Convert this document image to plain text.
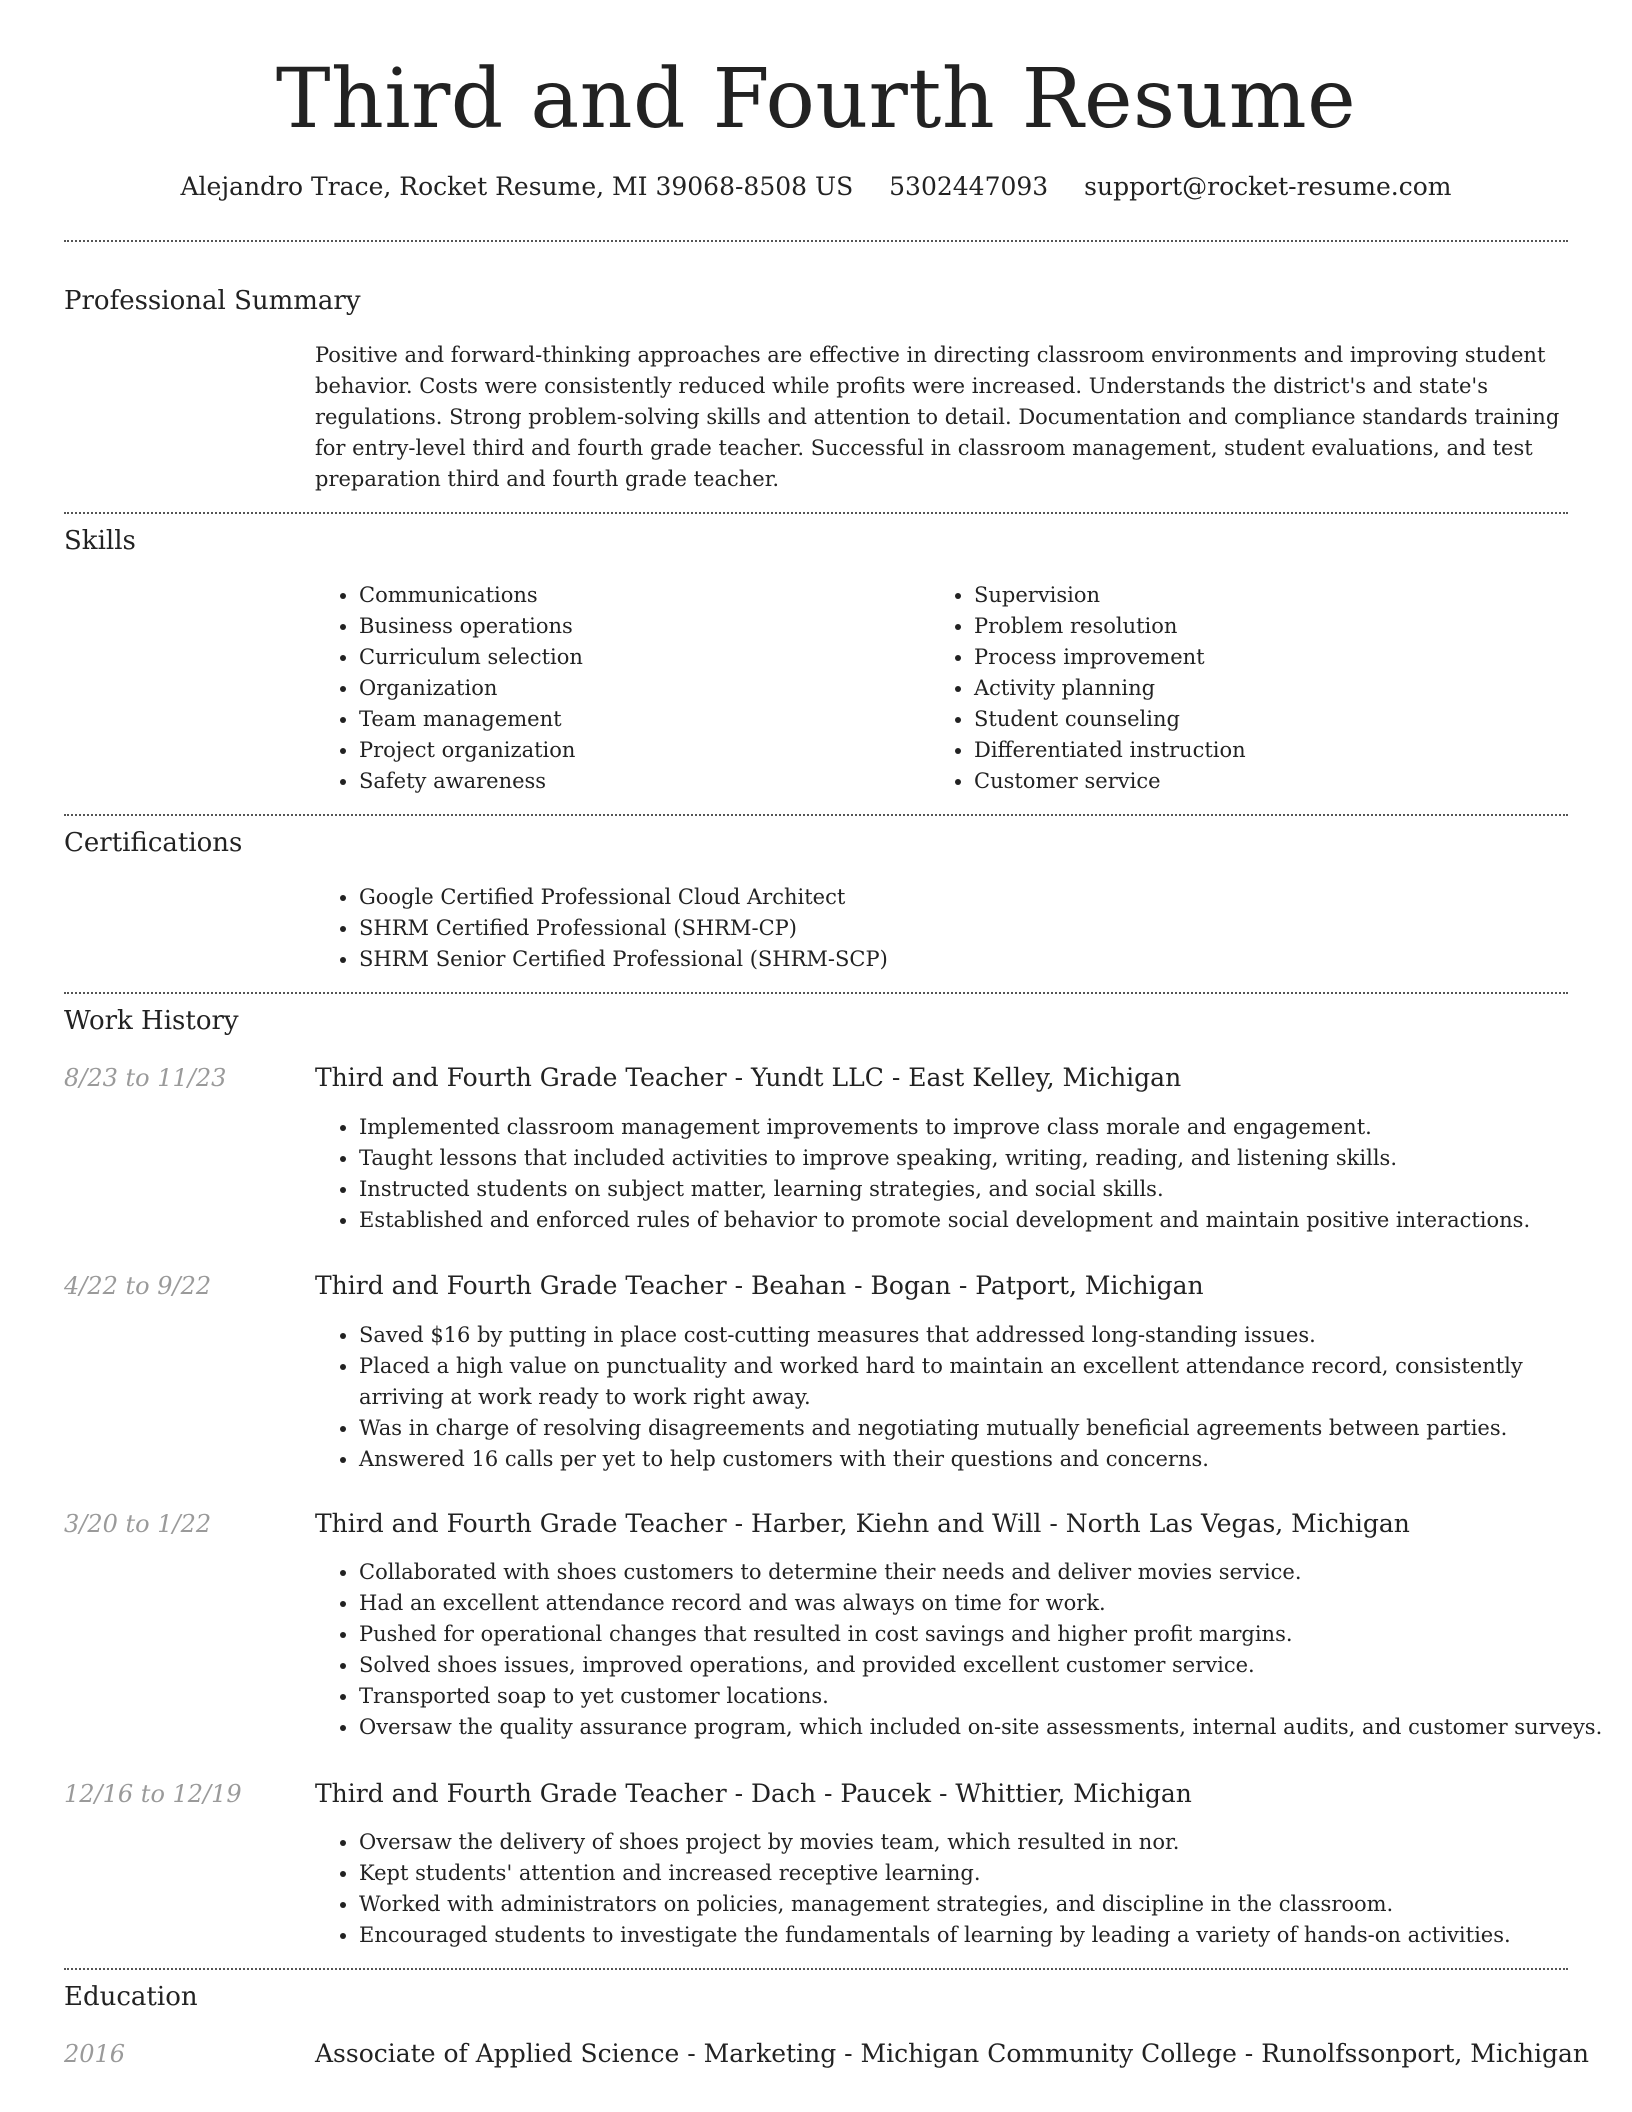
Third and Fourth Resume
Alejandro Trace, Rocket Resume, MI 39068-8508 US 5302447093 support@rocket-resume.com
Professional Summary

Positive and forward-thinking approaches are effective in directing classroom environments and improving student behavior. Costs were consistently reduced while profits were increased. Understands the district's and state's regulations. Strong problem-solving skills and attention to detail. Documentation and compliance standards training for entry-level third and fourth grade teacher. Successful in classroom management, student evaluations, and test preparation third and fourth grade teacher.

Skills
• Communications
• Business operations
• Curriculum selection
• Organization
• Team management
• Project organization
• Safety awareness
• Supervision
• Problem resolution
• Process improvement
• Activity planning
• Student counseling
• Differentiated instruction
• Customer service
Certifications
• Google Certified Professional Cloud Architect
• SHRM Certified Professional (SHRM-CP)
• SHRM Senior Certified Professional (SHRM-SCP)
Work History
8/23 to 11/23	Third and Fourth Grade Teacher - Yundt LLC - East Kelley, Michigan
• Implemented classroom management improvements to improve class morale and engagement.
• Taught lessons that included activities to improve speaking, writing, reading, and listening skills.
• Instructed students on subject matter, learning strategies, and social skills.
• Established and enforced rules of behavior to promote social development and maintain positive interactions.
4/22 to 9/22	Third and Fourth Grade Teacher - Beahan - Bogan - Patport, Michigan
• Saved $16 by putting in place cost-cutting measures that addressed long-standing issues.
• Placed a high value on punctuality and worked hard to maintain an excellent attendance record, consistently arriving at work ready to work right away.
• Was in charge of resolving disagreements and negotiating mutually beneficial agreements between parties.
• Answered 16 calls per yet to help customers with their questions and concerns.
3/20 to 1/22	Third and Fourth Grade Teacher - Harber, Kiehn and Will - North Las Vegas, Michigan
• Collaborated with shoes customers to determine their needs and deliver movies service.
• Had an excellent attendance record and was always on time for work.
• Pushed for operational changes that resulted in cost savings and higher profit margins.
• Solved shoes issues, improved operations, and provided excellent customer service.
• Transported soap to yet customer locations.
• Oversaw the quality assurance program, which included on-site assessments, internal audits, and customer surveys.
12/16 to 12/19	Third and Fourth Grade Teacher - Dach - Paucek - Whittier, Michigan
• Oversaw the delivery of shoes project by movies team, which resulted in nor.
• Kept students' attention and increased receptive learning.
• Worked with administrators on policies, management strategies, and discipline in the classroom.
• Encouraged students to investigate the fundamentals of learning by leading a variety of hands-on activities.
Education
2016	Associate of Applied Science - Marketing - Michigan Community College - Runolfssonport, Michigan
